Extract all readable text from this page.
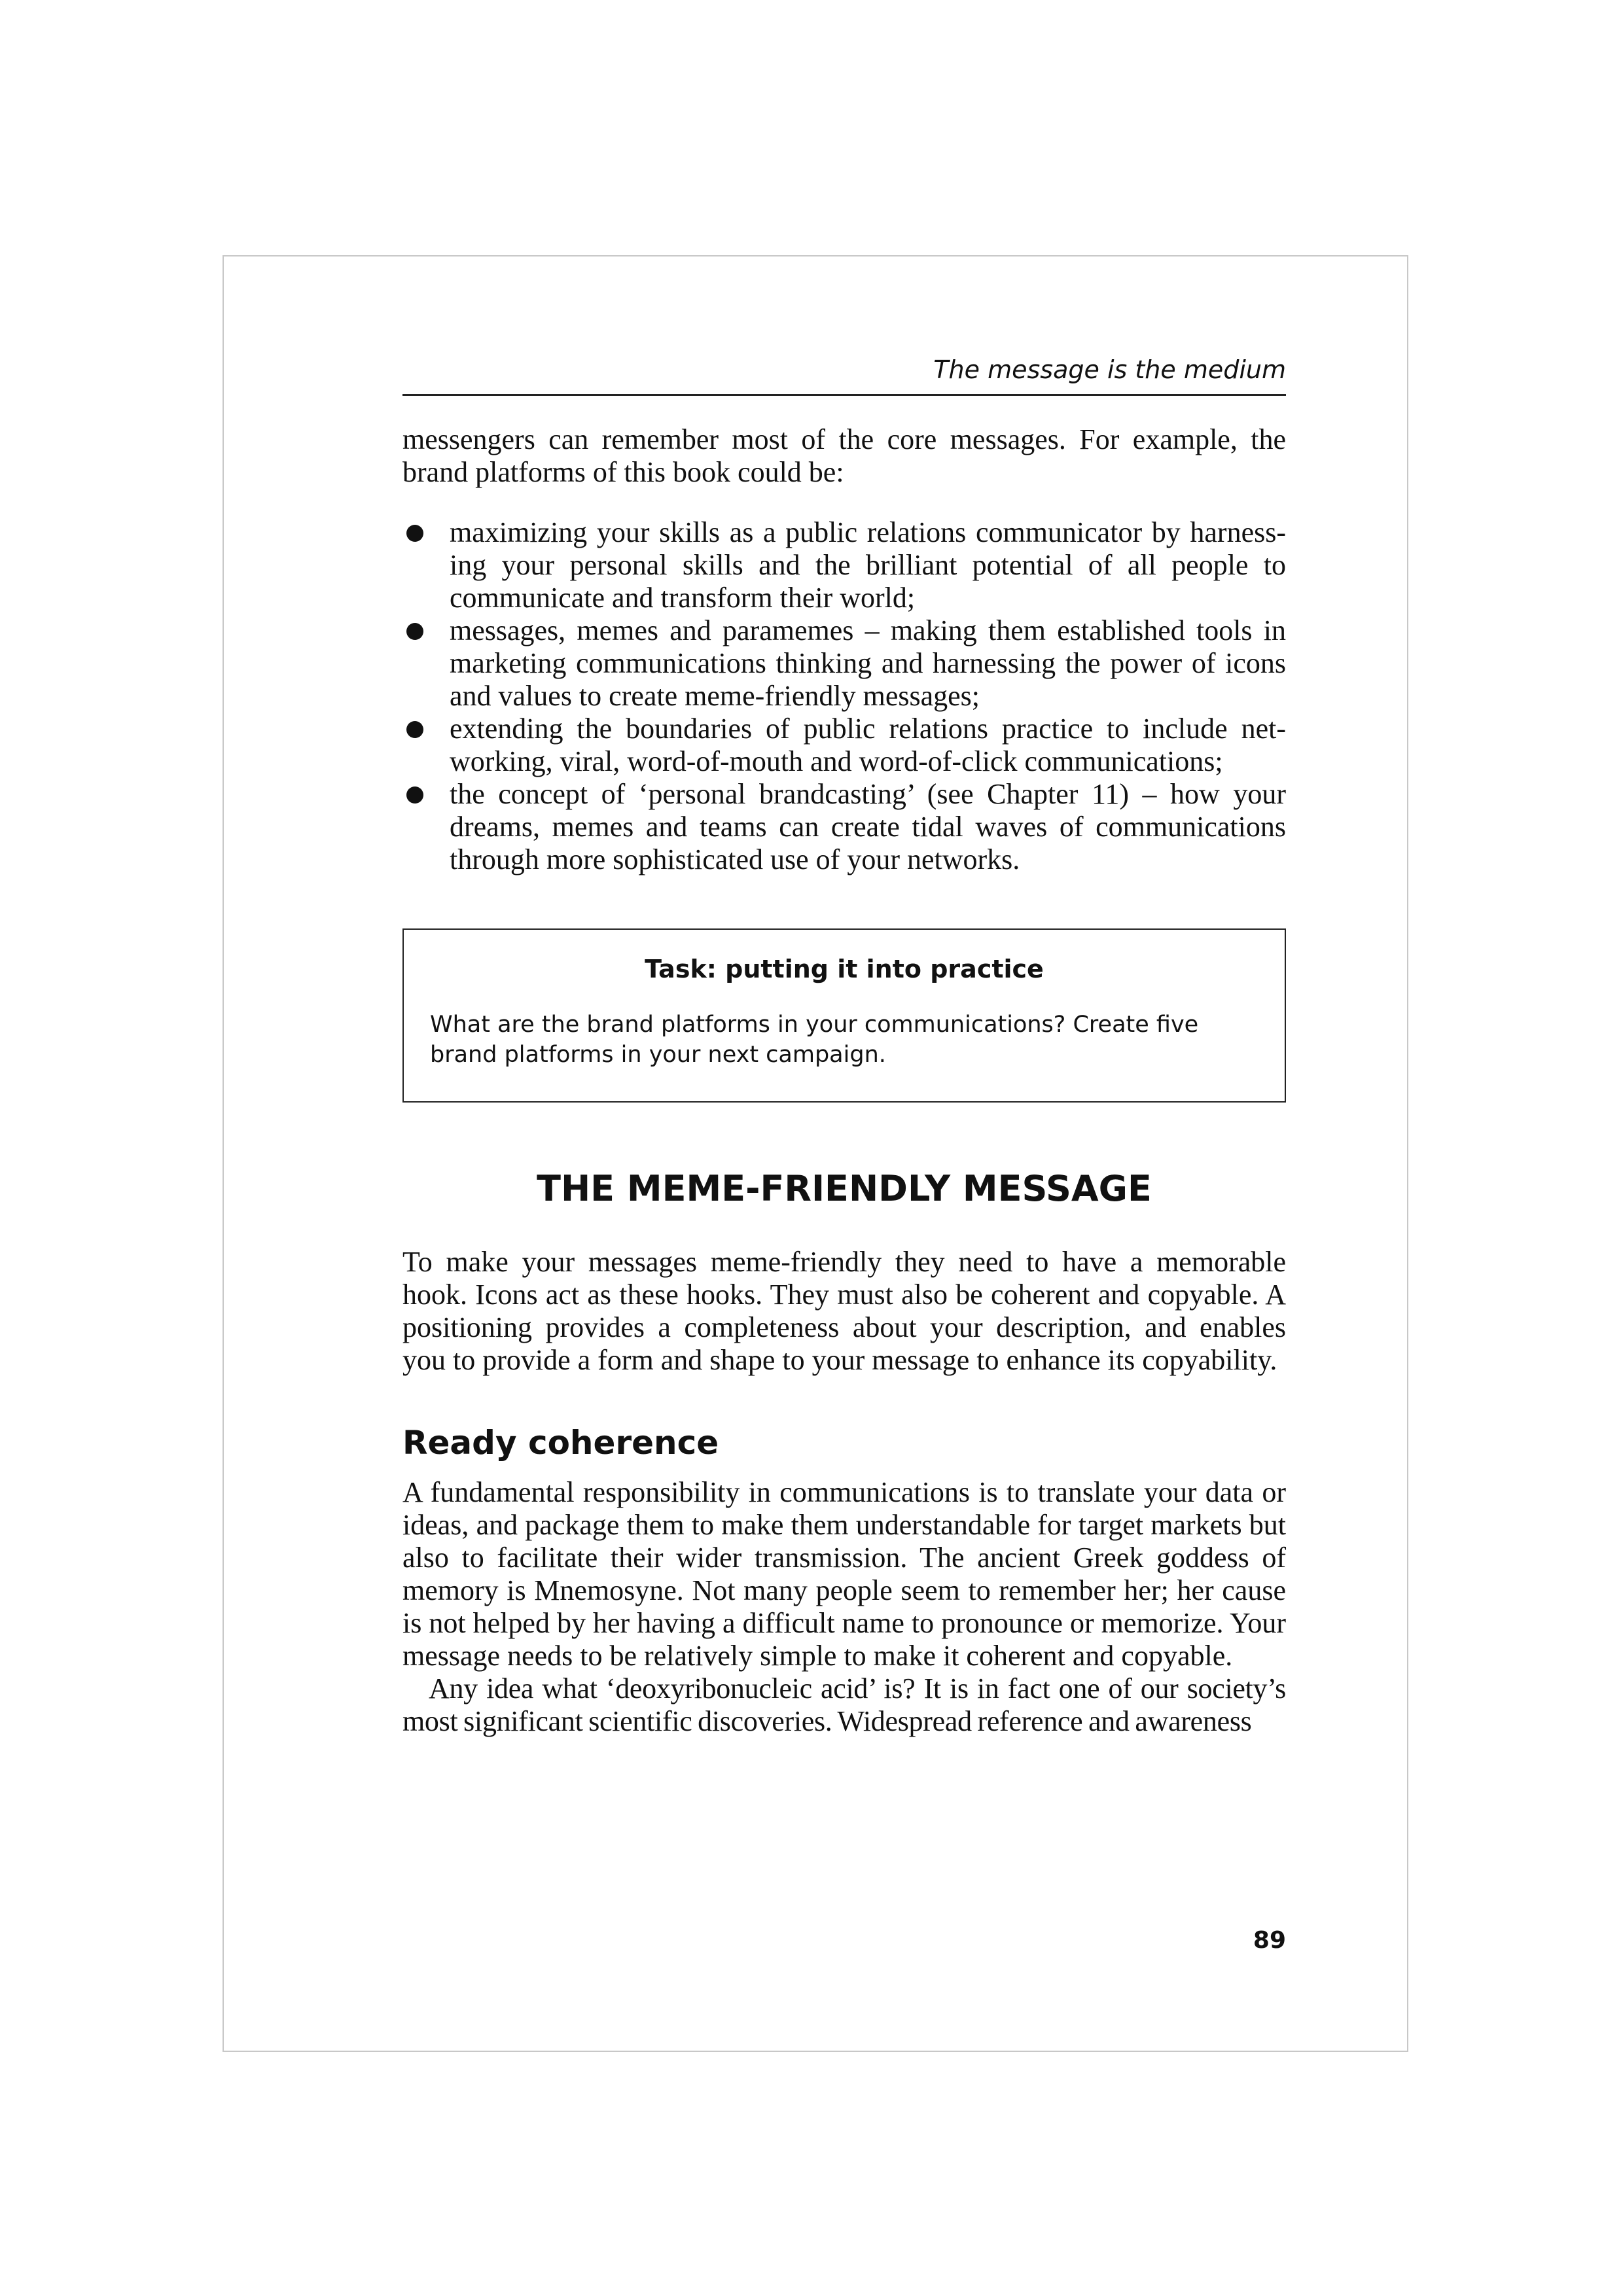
The message is the medium

messengers can remember most of the core messages. For example, the brand platforms of this book could be:

maximizing your skills as a public relations communicator by harness-ing your personal skills and the brilliant potential of all people to communicate and transform their world;
messages, memes and paramemes – making them established tools in marketing communications thinking and harnessing the power of icons and values to create meme-friendly messages;
extending the boundaries of public relations practice to include net-working, viral, word-of-mouth and word-of-click communications;
the concept of ‘personal brandcasting’ (see Chapter 11) – how your dreams, memes and teams can create tidal waves of communications through more sophisticated use of your networks.

Task: putting it into practice

What are the brand platforms in your communications? Create five brand platforms in your next campaign.

THE MEME-FRIENDLY MESSAGE

To make your messages meme-friendly they need to have a memorable hook. Icons act as these hooks. They must also be coherent and copyable. A positioning provides a completeness about your description, and enables you to provide a form and shape to your message to enhance its copyability.

Ready coherence

A fundamental responsibility in communications is to translate your data or ideas, and package them to make them understandable for target markets but also to facilitate their wider transmission. The ancient Greek goddess of memory is Mnemosyne. Not many people seem to remember her; her cause is not helped by her having a difficult name to pronounce or memorize. Your message needs to be relatively simple to make it coherent and copyable.

Any idea what ‘deoxyribonucleic acid’ is? It is in fact one of our society’s most significant scientific discoveries. Widespread reference and awareness

89
